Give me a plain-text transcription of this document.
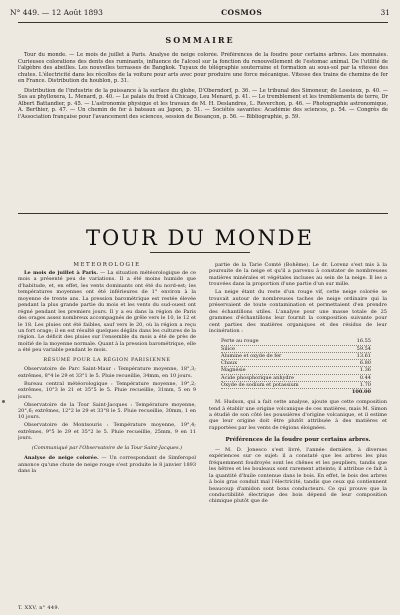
N° 449. — 12 Août 1893	COSMOS	31
SOMMAIRE

Tour du monde. — Le mois de juillet à Paris. Analyse de neige colorée. Préférences de la foudre pour certains arbres. Les monnaies. Curieuses colorations des dents des ruminants, influence de l'alcool sur la fonction du renouvellement de l'estomac animal. De l'utilité de l'algèbre des abeilles. Les nouvelles terrasses de Bangkok. Tuyaux de télégraphie souterraine et formation au sous-sol par la vitesse des chutes. L'électricité dans les récoltes de la voiture pour arts avec pour produire une force mécanique. Vitesse des trains de chemins de fer en France. Distribution du houblon, p. 31.

Distribution de l'industrie de la puissance à la surface du globe, D'Oberndorf, p. 36. — Le tribunal des Simoneur, de Lossieux, p. 40. — Sus au phylloxera, L. Menard, p. 40. — Le palais du froid à Chicago, Leu Menard, p. 41. — Le tremblement et les tremblements de terre, Dr Albert Battandier, p. 45. — L'astronomie physique et les travaux de M. H. Deslandres, L. Reverchon, p. 46. — Photographie astronomique, A. Berthier, p. 47. — Un chemin de fer à bateaux au Japon, p. 51. — Sociétés savantes: Académie des sciences, p. 54. — Congrès de l'Association française pour l'avancement des sciences, session de Besançon, p. 56. — Bibliographie, p. 59.

TOUR DU MONDE

MÉTÉOROLOGIE

Le mois de juillet à Paris. — La situation météorologique de ce mois a présenté peu de variations. Il a été moins humide que d'habitude, et, en effet, les vents dominants ont été du nord-est; les températures moyennes ont été inférieures de 1° environ à la moyenne de trente ans. La pression barométrique est restée élevée pendant la plus grande partie du mois et les vents du sud-ouest ont régné pendant les premiers jours. Il y a eu dans la région de Paris des orages assez nombreux accompagnés de grêle vers le 10, le 12 et le 18. Les pluies ont été faibles, sauf vers le 20, où la région a reçu un fort orage; il en est résulté quelques dégâts dans les cultures de la région. Le déficit des pluies sur l'ensemble du mois a été de près de moitié de la moyenne normale. Quant à la pression barométrique, elle a été peu variable pendant le mois.

RÉSUMÉ POUR LA RÉGION PARISIENNE

Observatoire de Parc Saint-Maur : Température moyenne, 18°,3; extrêmes, 8°4 le 29 et 33°1 le 5. Pluie recueillie, 34mm, en 10 jours.

Bureau central météorologique : Température moyenne, 19°,2; extrêmes, 10°3 le 21 et 35°5 le 5. Pluie recueillie, 31mm, 5 en 9 jours.

Observatoire de la Tour Saint-Jacques : Température moyenne, 20°,6; extrêmes, 12°2 le 29 et 33°8 le 5. Pluie recueillie, 30mm, 1 en 10 jours.

Observatoire de Montsouris : Température moyenne, 19°,4; extrêmes, 9°5 le 29 et 35°2 le 5. Pluie recueillie, 25mm, 9 en 11 jours.

(Communiqué par l'Observatoire de la Tour Saint-Jacques.)

Analyse de neige colorée. — Un correspondant de Simferopol annonce qu'une chute de neige rouge s'est produite le 8 janvier 1893 dans la

partie de la Tarie Comté (Bohême). Le dr. Lorenz s'est mis à la poursuite de la neige et qu'il a parvenu à constater de nombreuses matières minérales et végétales incluses au sein de la neige. Il les a trouvées dans la proportion d'une partie d'un sur mille.

La neige étant du reste d'un rouge vif, cette neige colorée se trouvait autour de nombreuses taches de neige ordinaire qui la préservaient de toute contamination et permettaient d'en prendre des échantillons utiles. L'analyse pour une masse totale de 25 grammes d'échantillons leur fournit la composition suivante pour cent parties des matières organiques et des résidus de leur incinération :

Perte au rouge	16.55
Silice	59.54
Alumine et oxyde de fer	13.61
Chaux	6.80
Magnésie	1.36
Acide phosphorique anhydre	0.44
Oxyde de sodium et potassium	1.70
100.00

M. Hudson, qui a fait cette analyse, ajoute que cette composition tend à établir une origine volcanique de ces matières, mais M. Simon a étudié de son côté les poussières d'origine volcanique, et il estime que leur origine doit être plutôt attribuée à des matières et rapportées par les vents de régions éloignées.

Préférences de la foudre pour certains arbres.

— M. D. Jonesco s'est livré, l'année dernière, à diverses expériences sur ce sujet: il a constaté que les arbres les plus fréquemment foudroyés sont les chênes et les peupliers, tandis que les hêtres et les bouleaux sont rarement atteints; il attribue ce fait à la quantité d'huile contenue dans le bois. En effet, le bois des arbres à bois gras conduit mal l'électricité, tandis que ceux qui contiennent beaucoup d'amidon sont bons conducteurs. Ce qui prouve que la conductibilité électrique des bois dépend de leur composition chimique plutôt que de

T. XXV, n° 449.
